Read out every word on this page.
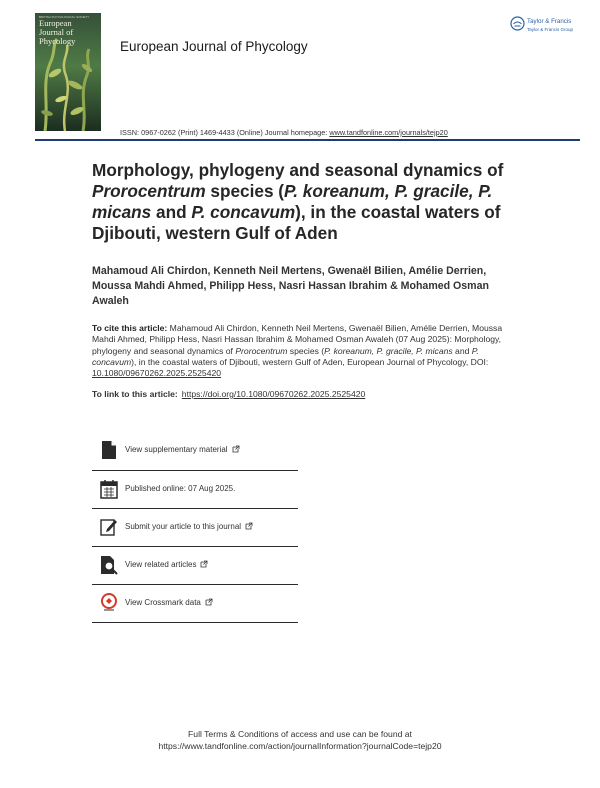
BRITISH PHYCOLOGICAL SOCIETY
European
Journal of
Phycology	European Journal of Phycology
Taylor & Francis
Taylor & Francis Group
ISSN: 0967-0262 (Print) 1469-4433 (Online) Journal homepage: www.tandfonline.com/journals/tejp20
Morphology, phylogeny and seasonal dynamics of Prorocentrum species (P. koreanum, P. gracile, P. micans and P. concavum), in the coastal waters of Djibouti, western Gulf of Aden
Mahamoud Ali Chirdon, Kenneth Neil Mertens, Gwenaël Bilien, Amélie Derrien, Moussa Mahdi Ahmed, Philipp Hess, Nasri Hassan Ibrahim & Mohamed Osman Awaleh
To cite this article: Mahamoud Ali Chirdon, Kenneth Neil Mertens, Gwenaël Bilien, Amélie Derrien, Moussa Mahdi Ahmed, Philipp Hess, Nasri Hassan Ibrahim & Mohamed Osman Awaleh (07 Aug 2025): Morphology, phylogeny and seasonal dynamics of Prorocentrum species (P. koreanum, P. gracile, P. micans and P. concavum), in the coastal waters of Djibouti, western Gulf of Aden, European Journal of Phycology, DOI: 10.1080/09670262.2025.2525420
To link to this article: https://doi.org/10.1080/09670262.2025.2525420
View supplementary material
Published online: 07 Aug 2025.
Submit your article to this journal
View related articles
View Crossmark data
Full Terms & Conditions of access and use can be found at
https://www.tandfonline.com/action/journalInformation?journalCode=tejp20
